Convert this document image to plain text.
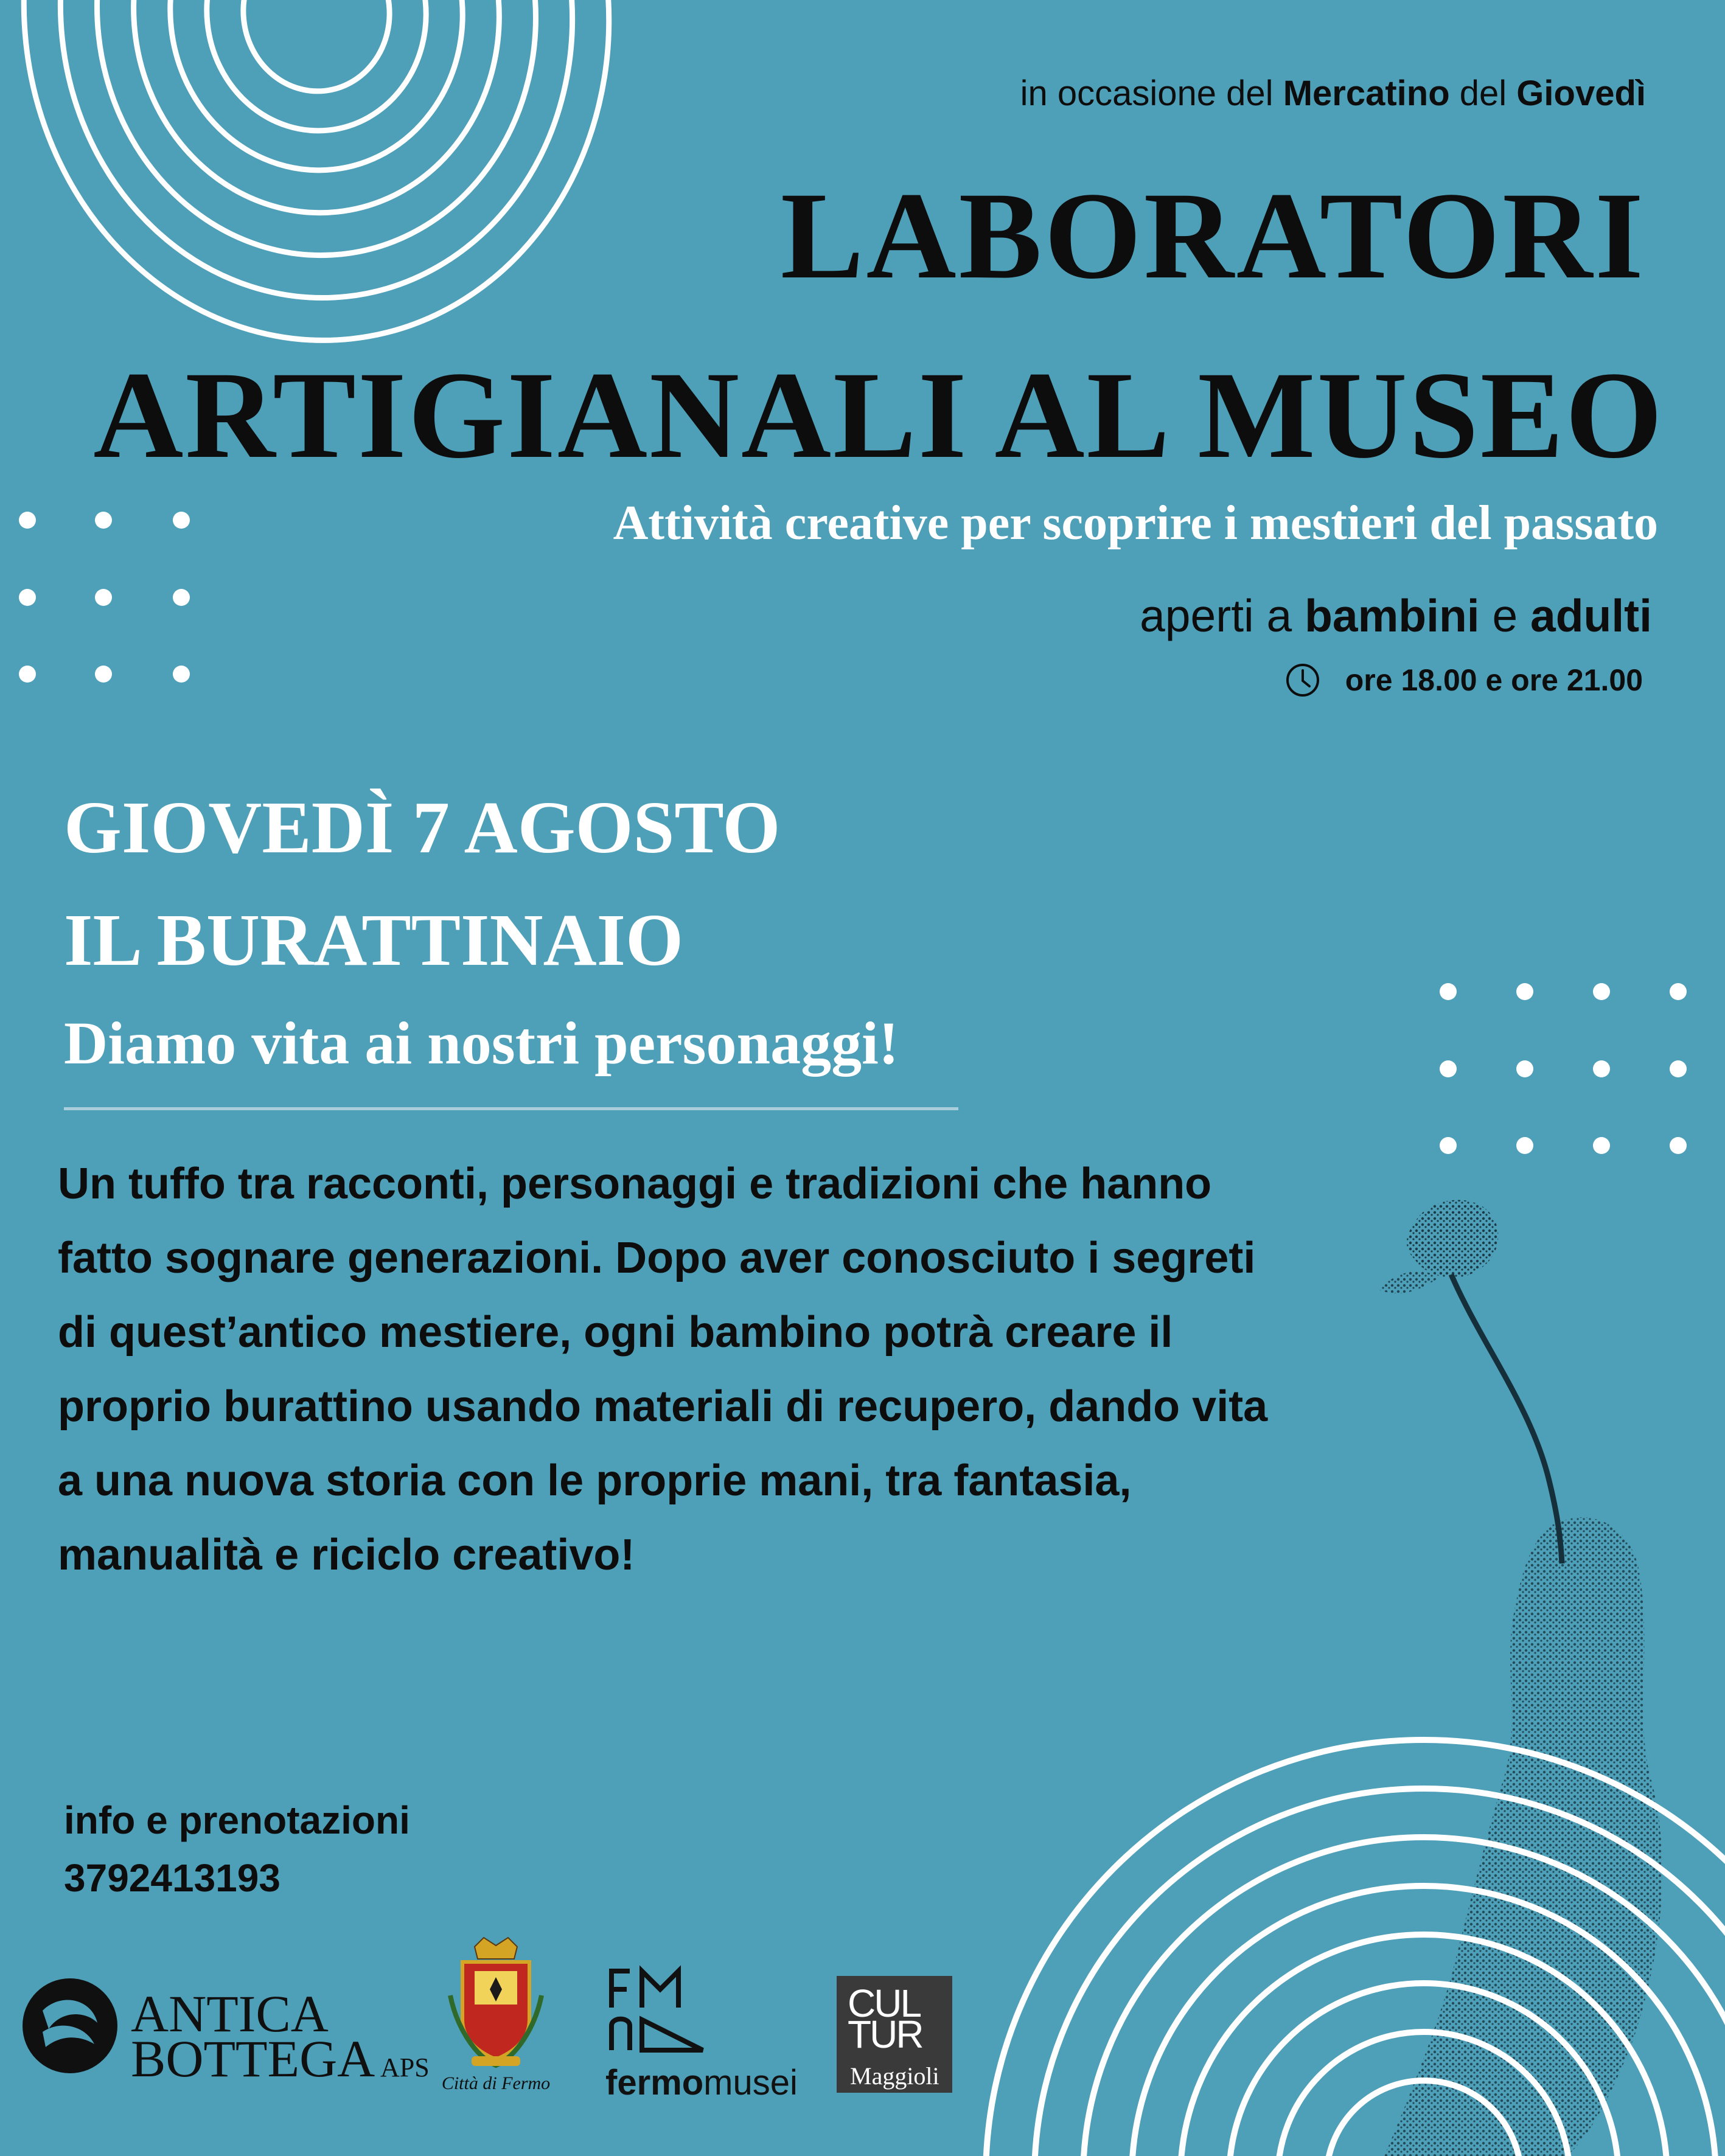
in occasione del Mercatino del Giovedì
LABORATORI
ARTIGIANALI AL MUSEO
Attività creative per scoprire i mestieri del passato
aperti a bambini e adulti
ore 18.00 e ore 21.00
GIOVEDÌ 7 AGOSTO
IL BURATTINAIO
Diamo vita ai nostri personaggi!
Un tuffo tra racconti, personaggi e tradizioni che hanno fatto sognare generazioni. Dopo aver conosciuto i segreti di quest’antico mestiere, ogni bambino potrà creare il proprio burattino usando materiali di recupero, dando vita a una nuova storia con le proprie mani, tra fantasia, manualità e riciclo creativo!
info e prenotazioni
3792413193
ANTICA
BOTTEGA APS
Città di Fermo fermomusei
CUL
TUR
Maggioli
